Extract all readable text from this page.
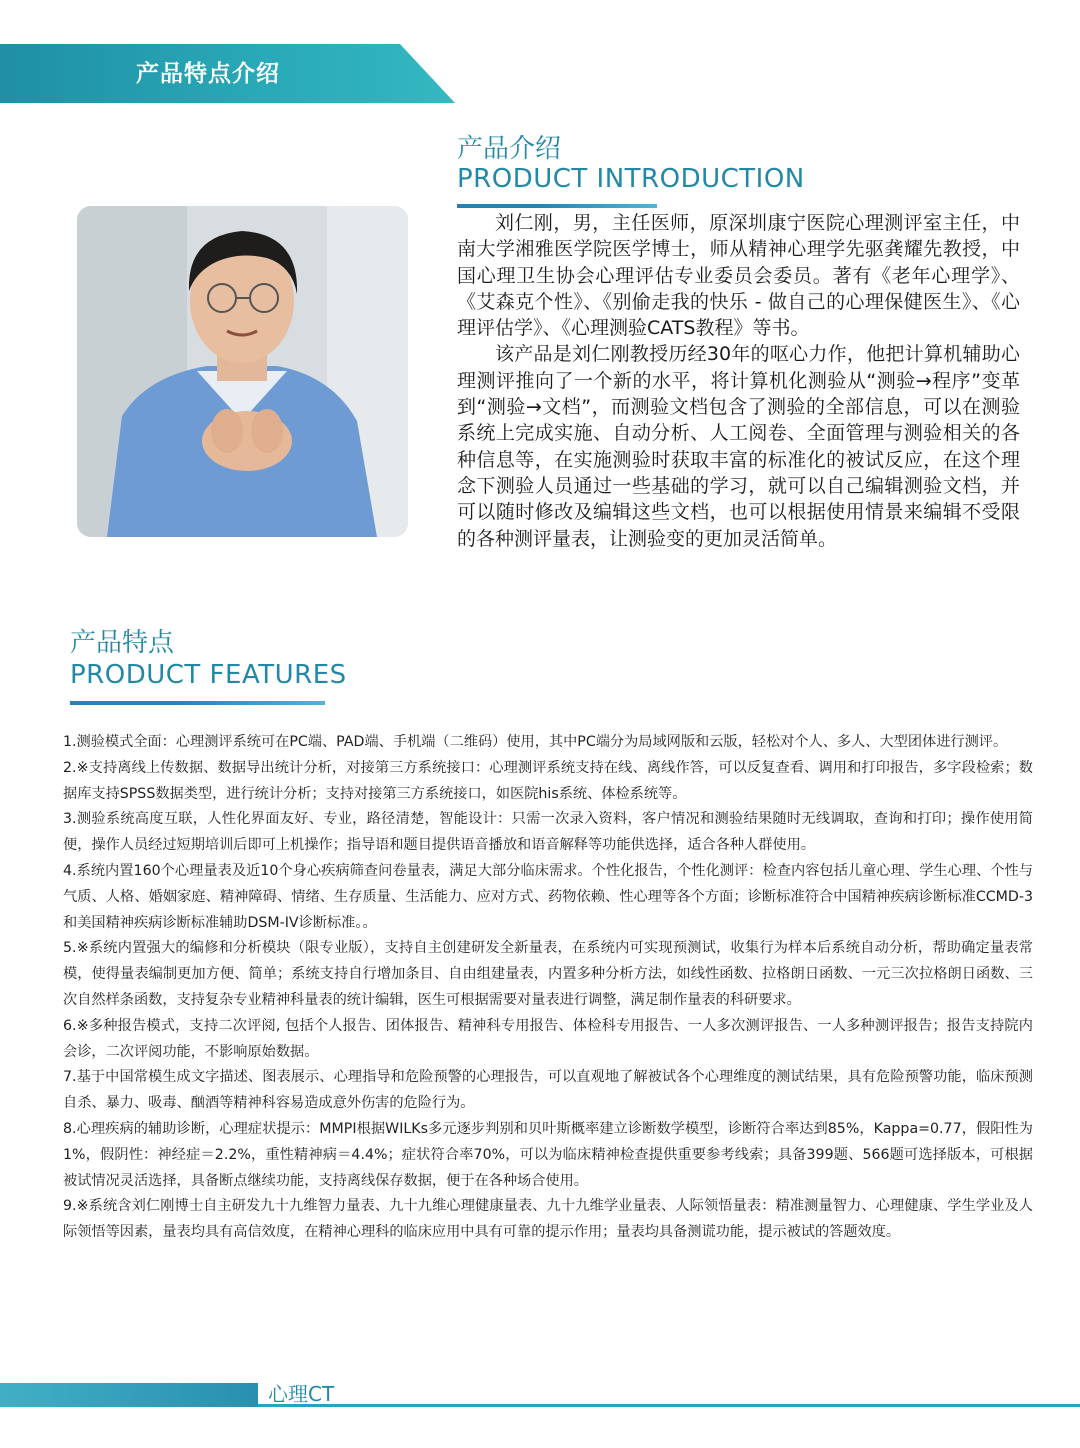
产品特点介绍
产品介绍
PRODUCT INTRODUCTION

刘仁刚，男，主任医师，原深圳康宁医院心理测评室主任，中南大学湘雅医学院医学博士，师从精神心理学先驱龚耀先教授，中国心理卫生协会心理评估专业委员会委员。著有《老年心理学》、《艾森克个性》、《别偷走我的快乐 - 做自己的心理保健医生》、《心理评估学》、《心理测验CATS教程》等书。

该产品是刘仁刚教授历经30年的呕心力作，他把计算机辅助心理测评推向了一个新的水平，将计算机化测验从“测验→程序”变革到“测验→文档”，而测验文档包含了测验的全部信息，可以在测验系统上完成实施、自动分析、人工阅卷、全面管理与测验相关的各种信息等，在实施测验时获取丰富的标准化的被试反应，在这个理念下测验人员通过一些基础的学习，就可以自己编辑测验文档，并可以随时修改及编辑这些文档，也可以根据使用情景来编辑不受限的各种测评量表，让测验变的更加灵活简单。

产品特点
PRODUCT FEATURES

1.测验模式全面：心理测评系统可在PC端、PAD端、手机端（二维码）使用，其中PC端分为局域网版和云版，轻松对个人、多人、大型团体进行测评。

2.※支持离线上传数据、数据导出统计分析，对接第三方系统接口：心理测评系统支持在线、离线作答，可以反复查看、调用和打印报告，多字段检索；数据库支持SPSS数据类型，进行统计分析；支持对接第三方系统接口，如医院his系统、体检系统等。

3.测验系统高度互联，人性化界面友好、专业，路径清楚，智能设计：只需一次录入资料，客户情况和测验结果随时无线调取，查询和打印；操作使用简便，操作人员经过短期培训后即可上机操作；指导语和题目提供语音播放和语音解释等功能供选择，适合各种人群使用。

4.系统内置160个心理量表及近10个身心疾病筛查问卷量表，满足大部分临床需求。个性化报告，个性化测评：检查内容包括儿童心理、学生心理、个性与气质、人格、婚姻家庭、精神障碍、情绪、生存质量、生活能力、应对方式、药物依赖、性心理等各个方面；诊断标准符合中国精神疾病诊断标准CCMD-3和美国精神疾病诊断标准辅助DSM-IV诊断标准。。

5.※系统内置强大的编修和分析模块（限专业版），支持自主创建研发全新量表，在系统内可实现预测试，收集行为样本后系统自动分析，帮助确定量表常模，使得量表编制更加方便、简单；系统支持自行增加条目、自由组建量表，内置多种分析方法，如线性函数、拉格朗日函数、一元三次拉格朗日函数、三次自然样条函数，支持复杂专业精神科量表的统计编辑，医生可根据需要对量表进行调整，满足制作量表的科研要求。

6.※多种报告模式，支持二次评阅, 包括个人报告、团体报告、精神科专用报告、体检科专用报告、一人多次测评报告、一人多种测评报告；报告支持院内会诊，二次评阅功能，不影响原始数据。

7.基于中国常模生成文字描述、图表展示、心理指导和危险预警的心理报告，可以直观地了解被试各个心理维度的测试结果，具有危险预警功能，临床预测自杀、暴力、吸毒、酗酒等精神科容易造成意外伤害的危险行为。

8.心理疾病的辅助诊断，心理症状提示：MMPI根据WILKs多元逐步判别和贝叶斯概率建立诊断数学模型，诊断符合率达到85%，Kappa=0.77，假阳性为1%，假阴性：神经症＝2.2%，重性精神病＝4.4%；症状符合率70%，可以为临床精神检查提供重要参考线索；具备399题、566题可选择版本，可根据被试情况灵活选择，具备断点继续功能，支持离线保存数据，便于在各种场合使用。

9.※系统含刘仁刚博士自主研发九十九维智力量表、九十九维心理健康量表、九十九维学业量表、人际领悟量表：精准测量智力、心理健康、学生学业及人际领悟等因素，量表均具有高信效度，在精神心理科的临床应用中具有可靠的提示作用；量表均具备测谎功能，提示被试的答题效度。

心理CT
